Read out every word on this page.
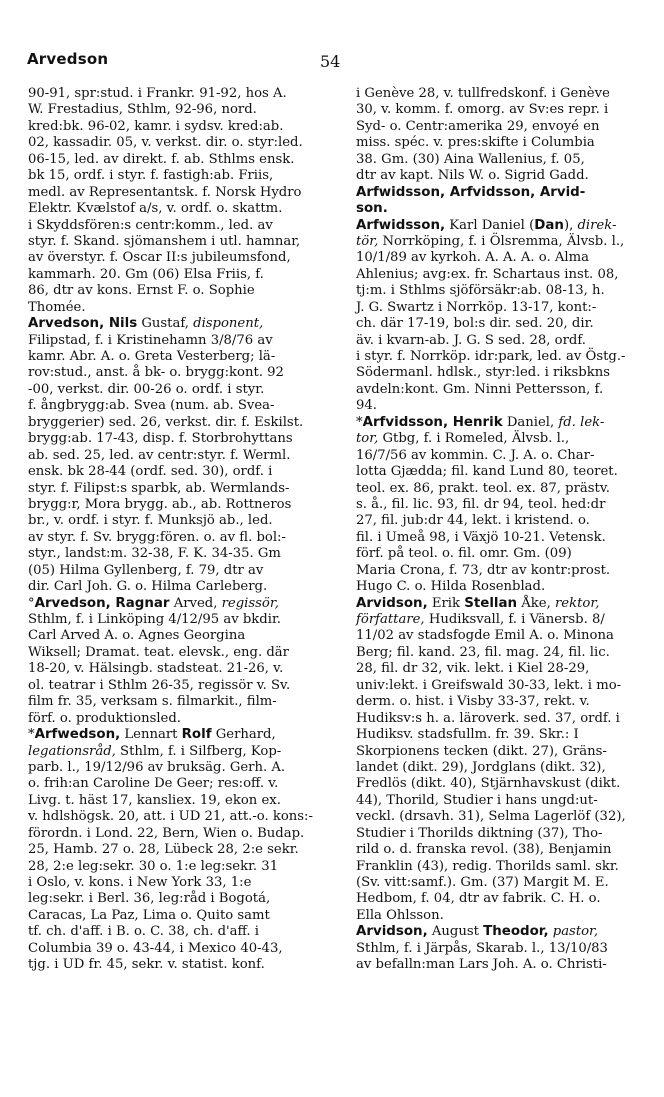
Arvedson	54
90-91, spr:stud. i Frankr. 91-92, hos A.
W. Frestadius, Sthlm, 92-96, nord.
kred:bk. 96-02, kamr. i sydsv. kred:ab.
02, kassadir. 05, v. verkst. dir. o. styr:led.
06-15, led. av direkt. f. ab. Sthlms ensk.
bk 15, ordf. i styr. f. fastigh:ab. Friis,
medl. av Representantsk. f. Norsk Hydro
Elektr. Kvælstof a/s, v. ordf. o. skattm.
i Skyddsfören:s centr:komm., led. av
styr. f. Skand. sjömanshem i utl. hamnar,
av överstyr. f. Oscar II:s jubileumsfond,
kammarh. 20. Gm (06) Elsa Friis, f.
86, dtr av kons. Ernst F. o. Sophie
Thomée.
Arvedson, Nils Gustaf, disponent,
Filipstad, f. i Kristinehamn 3/8/76 av
kamr. Abr. A. o. Greta Vesterberg; lä-
rov:stud., anst. å bk- o. brygg:kont. 92
-00, verkst. dir. 00-26 o. ordf. i styr.
f. ångbrygg:ab. Svea (num. ab. Svea-
bryggerier) sed. 26, verkst. dir. f. Eskilst.
brygg:ab. 17-43, disp. f. Storbrohyttans
ab. sed. 25, led. av centr:styr. f. Werml.
ensk. bk 28-44 (ordf. sed. 30), ordf. i
styr. f. Filipst:s sparbk, ab. Wermlands-
brygg:r, Mora brygg. ab., ab. Rottneros
br., v. ordf. i styr. f. Munksjö ab., led.
av styr. f. Sv. brygg:fören. o. av fl. bol:-
styr., landst:m. 32-38, F. K. 34-35. Gm
(05) Hilma Gyllenberg, f. 79, dtr av
dir. Carl Joh. G. o. Hilma Carleberg.
°Arvedson, Ragnar Arved, regissör,
Sthlm, f. i Linköping 4/12/95 av bkdir.
Carl Arved A. o. Agnes Georgina
Wiksell; Dramat. teat. elevsk., eng. där
18-20, v. Hälsingb. stadsteat. 21-26, v.
ol. teatrar i Sthlm 26-35, regissör v. Sv.
film fr. 35, verksam s. filmarkit., film-
förf. o. produktionsled.
*Arfwedson, Lennart Rolf Gerhard,
legationsråd, Sthlm, f. i Silfberg, Kop-
parb. l., 19/12/96 av bruksäg. Gerh. A.
o. frih:an Caroline De Geer; res:off. v.
Livg. t. häst 17, kansliex. 19, ekon ex.
v. hdlshögsk. 20, att. i UD 21, att.-o. kons:-
förordn. i Lond. 22, Bern, Wien o. Budap.
25, Hamb. 27 o. 28, Lübeck 28, 2:e sekr.
28, 2:e leg:sekr. 30 o. 1:e leg:sekr. 31
i Oslo, v. kons. i New York 33, 1:e
leg:sekr. i Berl. 36, leg:råd i Bogotá,
Caracas, La Paz, Lima o. Quito samt
tf. ch. d'aff. i B. o. C. 38, ch. d'aff. i
Columbia 39 o. 43-44, i Mexico 40-43,
tjg. i UD fr. 45, sekr. v. statist. konf.
i Genève 28, v. tullfredskonf. i Genève
30, v. komm. f. omorg. av Sv:es repr. i
Syd- o. Centr:amerika 29, envoyé en
miss. spéc. v. pres:skifte i Columbia
38. Gm. (30) Aina Wallenius, f. 05,
dtr av kapt. Nils W. o. Sigrid Gadd.
Arfwidsson, Arfvidsson, Arvid-
son.
Arfwidsson, Karl Daniel (Dan), direk-
tör, Norrköping, f. i Ölsremma, Älvsb. l.,
10/1/89 av kyrkoh. A. A. A. o. Alma
Ahlenius; avg:ex. fr. Schartaus inst. 08,
tj:m. i Sthlms sjöförsäkr:ab. 08-13, h.
J. G. Swartz i Norrköp. 13-17, kont:-
ch. där 17-19, bol:s dir. sed. 20, dir.
äv. i kvarn-ab. J. G. S sed. 28, ordf.
i styr. f. Norrköp. idr:park, led. av Östg.-
Södermanl. hdlsk., styr:led. i riksbkns
avdeln:kont. Gm. Ninni Pettersson, f.
94.
*Arfvidsson, Henrik Daniel, fd. lek-
tor, Gtbg, f. i Romeled, Älvsb. l.,
16/7/56 av kommin. C. J. A. o. Char-
lotta Gjædda; fil. kand Lund 80, teoret.
teol. ex. 86, prakt. teol. ex. 87, prästv.
s. å., fil. lic. 93, fil. dr 94, teol. hed:dr
27, fil. jub:dr 44, lekt. i kristend. o.
fil. i Umeå 98, i Växjö 10-21. Vetensk.
förf. på teol. o. fil. omr. Gm. (09)
Maria Crona, f. 73, dtr av kontr:prost.
Hugo C. o. Hilda Rosenblad.
Arvidson, Erik Stellan Åke, rektor,
författare, Hudiksvall, f. i Vänersb. 8/
11/02 av stadsfogde Emil A. o. Minona
Berg; fil. kand. 23, fil. mag. 24, fil. lic.
28, fil. dr 32, vik. lekt. i Kiel 28-29,
univ:lekt. i Greifswald 30-33, lekt. i mo-
derm. o. hist. i Visby 33-37, rekt. v.
Hudiksv:s h. a. läroverk. sed. 37, ordf. i
Hudiksv. stadsfullm. fr. 39. Skr.: I
Skorpionens tecken (dikt. 27), Gräns-
landet (dikt. 29), Jordglans (dikt. 32),
Fredlös (dikt. 40), Stjärnhavskust (dikt.
44), Thorild, Studier i hans ungd:ut-
veckl. (drsavh. 31), Selma Lagerlöf (32),
Studier i Thorilds diktning (37), Tho-
rild o. d. franska revol. (38), Benjamin
Franklin (43), redig. Thorilds saml. skr.
(Sv. vitt:samf.). Gm. (37) Margit M. E.
Hedbom, f. 04, dtr av fabrik. C. H. o.
Ella Ohlsson.
Arvidson, August Theodor, pastor,
Sthlm, f. i Järpås, Skarab. l., 13/10/83
av befalln:man Lars Joh. A. o. Christi-
